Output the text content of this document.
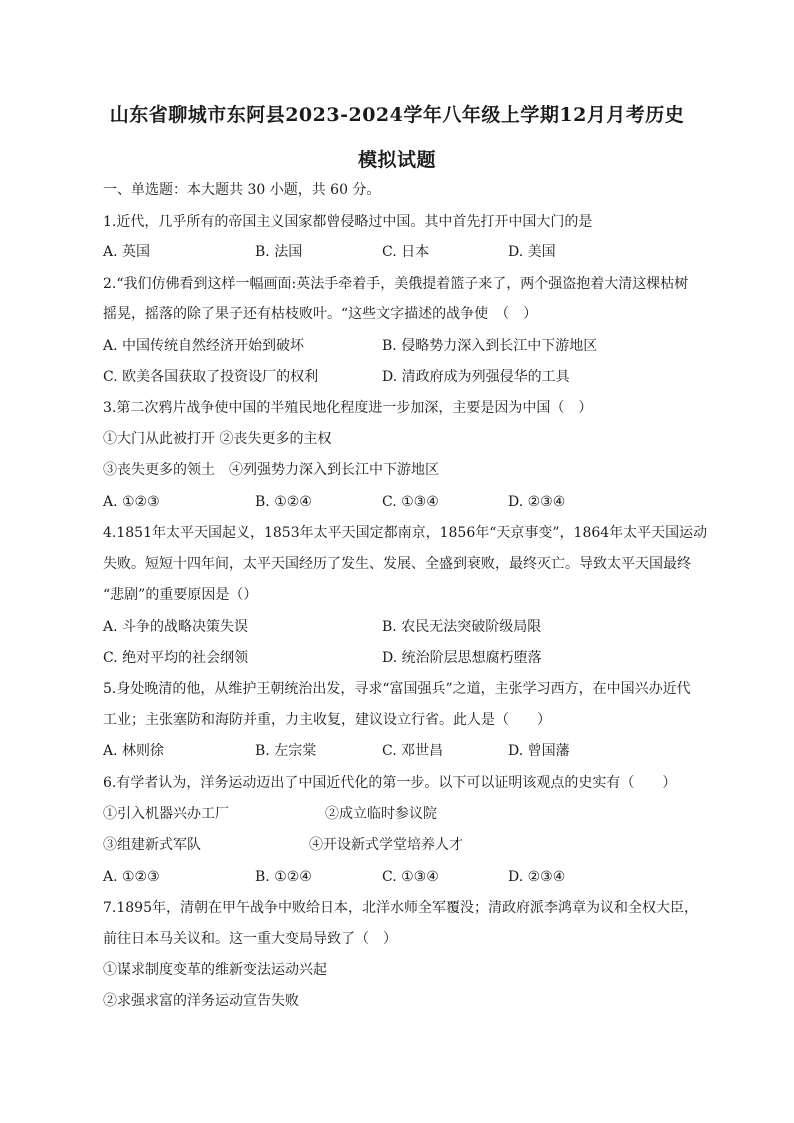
山东省聊城市东阿县2023-2024学年八年级上学期12月月考历史
模拟试题
一、单选题：本大题共 30 小题，共 60 分。
1.近代，几乎所有的帝国主义国家都曾侵略过中国。其中首先打开中国大门的是
A. 英国	B. 法国	C. 日本	D. 美国
2.“我们仿佛看到这样一幅画面:英法手牵着手，美俄提着篮子来了，两个强盗抱着大清这棵枯树
摇晃，摇落的除了果子还有枯枝败叶。“这些文字描述的战争使　（　）
A. 中国传统自然经济开始到破坏	B. 侵略势力深入到长江中下游地区
C. 欧美各国获取了投资设厂的权利	D. 清政府成为列强侵华的工具
3.第二次鸦片战争使中国的半殖民地化程度进一步加深，主要是因为中国（　）
①大门从此被打开 ②丧失更多的主权
③丧失更多的领土　④列强势力深入到长江中下游地区
A. ①②③	B. ①②④	C. ①③④	D. ②③④
4.1851年太平天国起义，1853年太平天国定都南京，1856年“天京事变”，1864年太平天国运动
失败。短短十四年间，太平天国经历了发生、发展、全盛到衰败，最终灭亡。导致太平天国最终
“悲剧”的重要原因是（）
A. 斗争的战略决策失误	B. 农民无法突破阶级局限
C. 绝对平均的社会纲领	D. 统治阶层思想腐朽堕落
5.身处晚清的他，从维护王朝统治出发，寻求“富国强兵”之道，主张学习西方，在中国兴办近代
工业；主张塞防和海防并重，力主收复，建议设立行省。此人是（　　）
A. 林则徐	B. 左宗棠	C. 邓世昌	D. 曾国藩
6.有学者认为，洋务运动迈出了中国近代化的第一步。以下可以证明该观点的史实有（　　）
①引入机器兴办工厂	②成立临时参议院
③组建新式军队	④开设新式学堂培养人才
A. ①②③	B. ①②④	C. ①③④	D. ②③④
7.1895年，清朝在甲午战争中败给日本，北洋水师全军覆没；清政府派李鸿章为议和全权大臣，
前往日本马关议和。这一重大变局导致了（　）
①谋求制度变革的维新变法运动兴起
②求强求富的洋务运动宣告失败
